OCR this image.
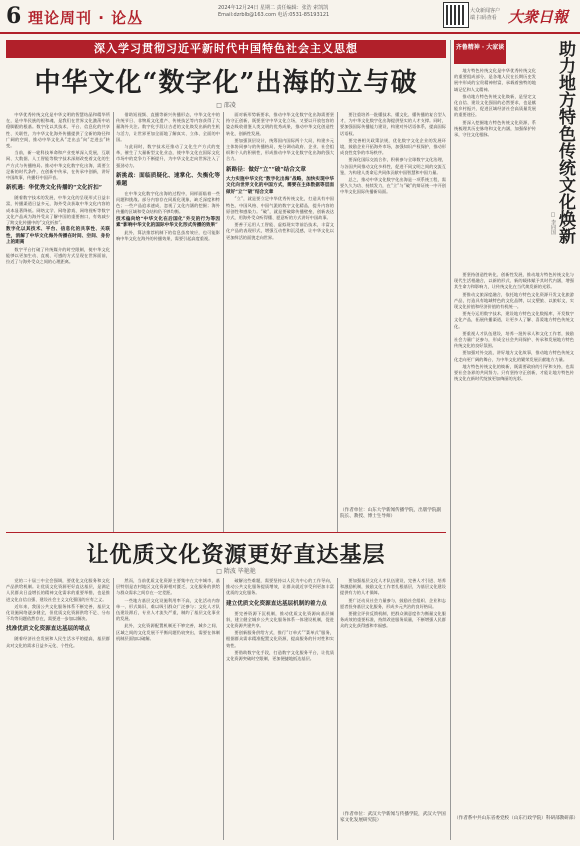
6 理论周刊 · 论丛
2024年12月24日 星期二 责任编辑：张浩 索凯凯
Email:dzrblb@163.com 电话:0531-85193121
大众新闻客户端 扫码查看 大衆日報
深入学习贯彻习近平新时代中国特色社会主义思想
中华文化“数字化”出海的立与破
□ 邵凌

中华优秀传统文化是中华文明的智慧结晶和精华所在，是中华民族的根和魂，是我们在世界文化激荡中站稳脚跟的根基。数字化以其技术、平台、信息化的共享性、关联性，为中华文化海外传播提供了全新的路径和广阔的空间，推动中华文化从“走出去”向“走进去”转变。

当前，新一轮科技革命和产业变革深入发展，互联网、大数据、人工智能等数字技术深刻改变着文化的生产方式与传播格局。推动中华文化数字化出海，需要立足新的时代条件，在创新中传承，在传承中创新，讲好中国故事，传播好中国声音。

新机遇：华优秀文化传播的“文化折扣”

随着数字技术的发展，中华文化的呈现形式日益丰富，传播渠道日益多元，海外受众获取中华文化内容的成本显著降低。网络文学、网络游戏、网络视听等数字文化产品成为海外受众了解中国的重要窗口，有效减少了跨文化传播中的“文化折扣”。

数字化以其技术、平台、信息化的共享性、关联性，消解了中华文化海外传播在时间、空间、身份上的距离

数字平台打破了传统媒介的时空限制，使中华文化能够以更加生动、直观、可感的方式呈现在世界面前，拉近了与海外受众之间的心理距离。

借助短视频、直播等新兴传播形态，中华文化中的传统节日、非物质文化遗产、传统技艺等内容获得了大量海外关注。数字化手段让古老的文化焕发出新的生机与活力，让世界更加全面地了解真实、立体、全面的中国。

与此同时，数字技术还推动了文化生产方式的变革，催生了大量新型文化业态，使中华文化在国际文化市场中的竞争力不断提升，为中华文化走向世界注入了强劲动力。

新挑战：面临质疑化、速掌化、失衡化等难题

在中华文化数字化出海的过程中，同样面临着一些问题和挑战。部分内容存在同质化现象，缺乏深度和特色；一些产品追求速成，忽视了文化内涵的挖掘；海外传播的区域和受众结构仍不够均衡。

技术偏向给“中华文化在后国化”外交的行为等因素“影响中华文化的国际中华文化形式传播的效果”

此外，算法推荐机制下的信息茧房效应，也可能影响中华文化在海外的传播效果，需要引起高度重视。

面对新形势新要求，推动中华文化数字化出海需要坚持守正创新，既要坚守中华文化立场，又要以开放包容的姿态吸收借鉴人类文明的优秀成果，推动中华文化创造性转化、创新性发展。

要加强顶层设计，统筹国内国际两个大局，构建多元主体协同参与的传播格局，充分调动政府、企业、社会组织和个人的积极性，形成推动中华文化数字化出海的强大合力。

新路径：做好“立”“破”结合文章
大力实施中华文化“数字化出海”战略，加快实现中华文化向世界文化的中国方式，需要在主体数据等层面做好“立”“破”结合文章

“立”，就是要立足中华优秀传统文化，打造具有中国特色、中国风格、中国气派的数字文化精品，提升内容的原创性和感染力。“破”，就是要破除传播壁垒，创新表达方式，用海外受众听得懂、愿意听的方式讲好中国故事。

要善于运用人工智能、虚拟现实等前沿技术，丰富文化产品的表现形式，增强互动性和沉浸感，让中华文化以更加鲜活的面貌走向世界。

要注重培养一批懂技术、懂文化、懂传播的复合型人才，为中华文化数字化出海提供坚实的人才支撑。同时，要加强国际传播能力建设，构建对外话语体系，提高国际话语权。

要完善相关政策法规，优化数字文化企业的发展环境，鼓励企业开拓海外市场，加强知识产权保护，推动形成良性竞争的市场秩序。

要深化国际交流合作，积极参与全球数字文化治理，与各国共同推动文化多样性，促进不同文明之间的交流互鉴，为构建人类命运共同体贡献中国智慧和中国力量。

总之，推动中华文化数字化出海是一项系统工程，需要久久为功、持续发力，在“立”与“破”的辩证统一中开创中华文化国际传播新局面。

（作者单位：山东大学新闻传播学院，出版学院副院长、教授、博士生导师）
齐鲁精神 · 大家谈	助力地方特色传统文化焕新
□ 李同国

地方特色传统文化是中华优秀传统文化的重要组成部分，是各地人民在长期历史发展中形成的宝贵精神财富，承载着独特的地域记忆和人文精神。

推动地方特色传统文化焕新，是坚定文化自信、建设文化强国的必然要求，也是赋能乡村振兴、促进区域经济社会高质量发展的重要途径。

要深入挖掘地方特色传统文化资源，系统梳理其历史脉络和文化内涵，加强保护传承，守住文化根脉。

要坚持创造性转化、创新性发展，推动地方特色传统文化与现代生活相融合，以新的形式、新的载体赋予其时代内涵，增强其生命力和影响力，让传统文化在当代焕发新的光彩。

要推动文旅深度融合，依托地方特色文化资源开发文化旅游产品，打造具有地域特色的文化品牌，以文塑旅、以旅彰文，实现文化价值和经济价值的有机统一。

要充分运用数字技术，建设地方特色文化数据库，开发数字文化产品，拓展传播渠道，让更多人了解、喜爱地方特色传统文化。

要重视人才队伍建设，培养一批传承人和文化工作者，鼓励社会力量广泛参与，形成全社会共同保护、传承和发展地方特色传统文化的良好氛围。

要加强对外交流，讲好地方文化故事，推动地方特色传统文化走向更广阔的舞台，为中华文化的繁荣发展贡献地方力量。

地方特色传统文化的焕新，既需要政府的引导和支持，也需要社会各界的共同努力。只有坚持守正创新，才能让地方特色传统文化在新时代绽放更加绚丽的光彩。

（作者系中共山东省委党校（山东行政学院）科研部教研部）
让优质文化资源更好直达基层
□ 隋波 毕艳艳

党的二十届三中全会强调，要优化文化服务和文化产品供给机制。让优质文化资源更好直达基层，是满足人民群众日益增长的精神文化需求的重要举措，也是推进文化自信自强、建设社会主义文化强国的应有之义。

近年来，我国公共文化服务体系不断完善，基层文化设施网络逐步健全，但优质文化资源供给不足、分布不均等问题依然存在，需要进一步加以解决。

找准优质文化资源直达基层的堵点

随着经济社会发展和人民生活水平的提高，基层群众对文化的需求日益多元化、个性化。

然而，当前优质文化资源主要集中在大中城市，基层特别是农村地区文化资源相对匮乏，文化服务的供给与群众需求之间存在一定差距。

一些地方基层文化设施利用率不高，文化活动内容单一、形式陈旧，难以吸引群众广泛参与；文化人才队伍建设滞后，专业人才流失严重，制约了基层文化事业的发展。

此外，文化资源配置机制还不够完善，城乡之间、区域之间的文化发展不平衡问题仍较突出，需要在体制机制层面加以破解。

破解这些难题，需要坚持以人民为中心的工作导向，推动公共文化服务提质增效，让群众就近享受到更加丰富优质的文化服务。

建立优质文化资源直达基层机制的着力点

要完善资源下沉机制，推动优质文化资源向基层倾斜，建立健全城乡公共文化服务体系一体建设机制，促进文化资源共建共享。

要创新服务供给方式，推行“订单式”“菜单式”服务，根据群众需求精准配置文化资源，提高服务的针对性和实效性。

要借助数字化手段，打造数字文化服务平台，让优质文化资源突破时空限制，更加便捷地抵达基层。

要加强基层文化人才队伍建设，完善人才引进、培养和激励机制，鼓励文化工作者扎根基层，为基层文化建设提供有力的人才保障。

要广泛动员社会力量参与，鼓励社会组织、企业和志愿者投身基层文化服务，形成多元共治的良好格局。

要健全评价反馈机制，把群众满意度作为衡量文化服务成效的重要标准，持续改进服务质量，不断增强人民群众的文化获得感和幸福感。

（作者单位：武汉大学新闻与传播学院，武汉大学国家文化发展研究院）
